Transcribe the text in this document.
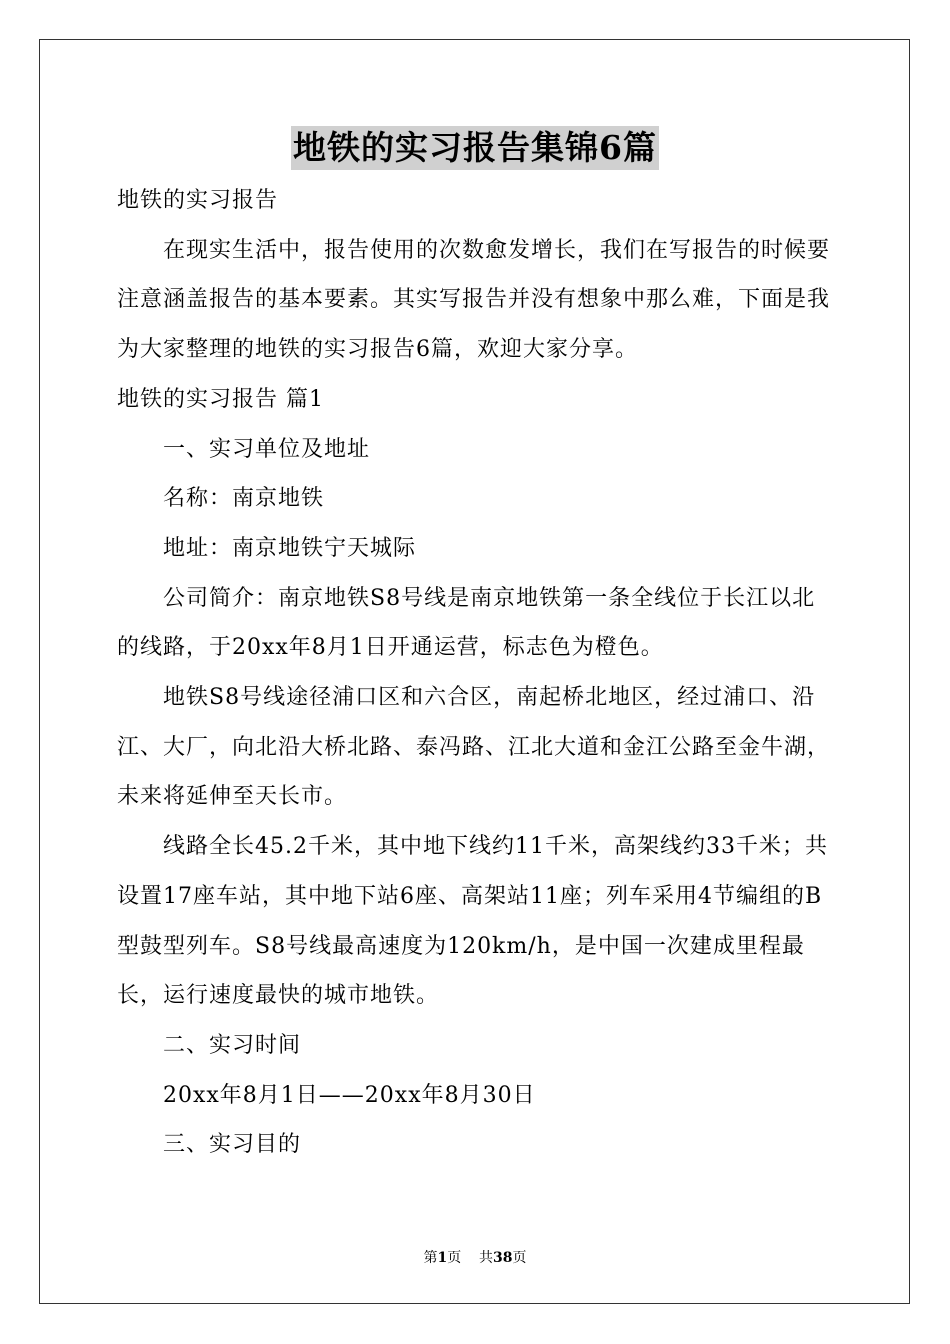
地铁的实习报告集锦6篇

地铁的实习报告

在现实生活中，报告使用的次数愈发增长，我们在写报告的时候要注意涵盖报告的基本要素。其实写报告并没有想象中那么难，下面是我为大家整理的地铁的实习报告6篇，欢迎大家分享。

地铁的实习报告 篇1

一、实习单位及地址

名称：南京地铁

地址：南京地铁宁天城际

公司简介：南京地铁S8号线是南京地铁第一条全线位于长江以北的线路，于20xx年8月1日开通运营，标志色为橙色。

地铁S8号线途径浦口区和六合区，南起桥北地区，经过浦口、沿江、大厂，向北沿大桥北路、泰冯路、江北大道和金江公路至金牛湖，未来将延伸至天长市。

线路全长45.2千米，其中地下线约11千米，高架线约33千米；共设置17座车站，其中地下站6座、高架站11座；列车采用4节编组的B型鼓型列车。S8号线最高速度为120km/h，是中国一次建成里程最长，运行速度最快的城市地铁。

二、实习时间

20xx年8月1日——20xx年8月30日

三、实习目的

第1页 共38页
